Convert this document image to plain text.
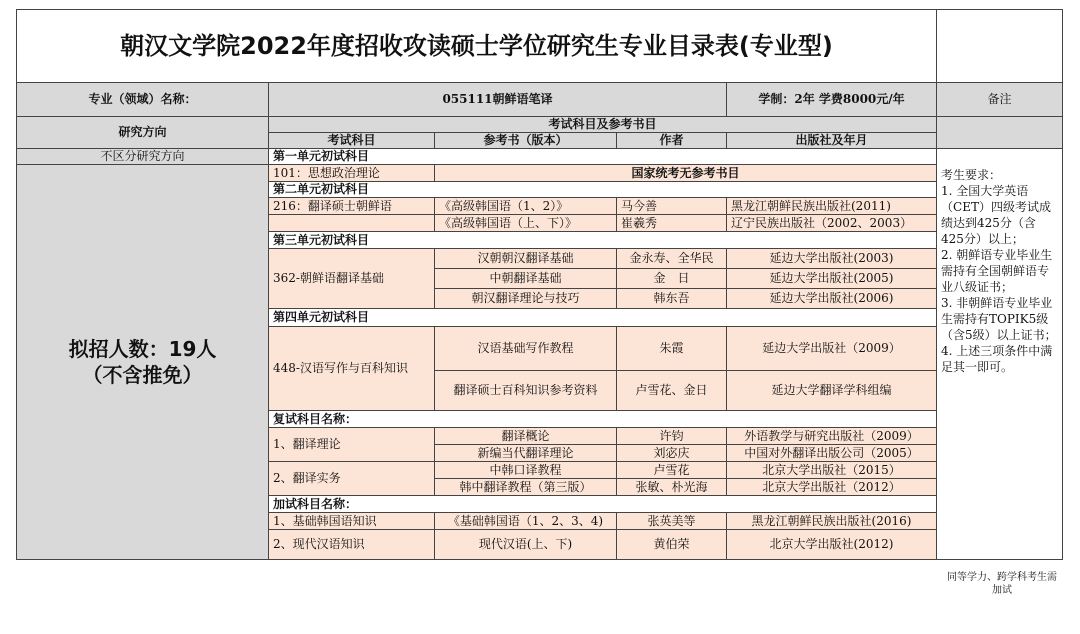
朝汉文学院2022年度招收攻读硕士学位研究生专业目录表(专业型)					
专业（领域）名称：	055111朝鲜语笔译			学制：2年 学费8000元/年	备注
研究方向	考试科目及参考书目				
	考试科目	参考书（版本）	作者	出版社及年月	
不区分研究方向	第一单元初试科目				考生要求：
1. 全国大学英语（CET）四级考试成绩达到425分（含425分）以上；
2. 朝鲜语专业毕业生需持有全国朝鲜语专业八级证书；
3. 非朝鲜语专业毕业生需持有TOPIK5级（含5级）以上证书；
4. 上述三项条件中满足其一即可。

拟招人数：19人
（不含推免）	101：思想政治理论	国家统考无参考书目			
	第二单元初试科目				
	216：翻译硕士朝鲜语	《高级韩国语（1、2）》	马今善	黑龙江朝鲜民族出版社(2011)	
		《高级韩国语（上、下）》	崔羲秀	辽宁民族出版社（2002、2003）	
	第三单元初试科目				
	362-朝鲜语翻译基础	汉朝朝汉翻译基础	金永寿、全华民	延边大学出版社(2003)	
		中朝翻译基础	金　日	延边大学出版社(2005)	
		朝汉翻译理论与技巧	韩东吾	延边大学出版社(2006)	
	第四单元初试科目				
	448-汉语写作与百科知识	汉语基础写作教程	朱霞	延边大学出版社（2009）	
		翻译硕士百科知识参考资料	卢雪花、金日	延边大学翻译学科组编	
	复试科目名称：				
	1、翻译理论	翻译概论	许钧	外语教学与研究出版社（2009）	
		新编当代翻译理论	刘宓庆	中国对外翻译出版公司（2005）	
	2、翻译实务	中韩口译教程	卢雪花	北京大学出版社（2015）	
		韩中翻译教程（第三版）	张敏、朴光海	北京大学出版社（2012）	
	加试科目名称：				
	1、基础韩国语知识	《基础韩国语（1、2、3、4)	张英美等	黑龙江朝鲜民族出版社(2016)	
	2、现代汉语知识	现代汉语(上、下)	黄伯荣	北京大学出版社(2012)	
同等学力、跨学科考生需加试
